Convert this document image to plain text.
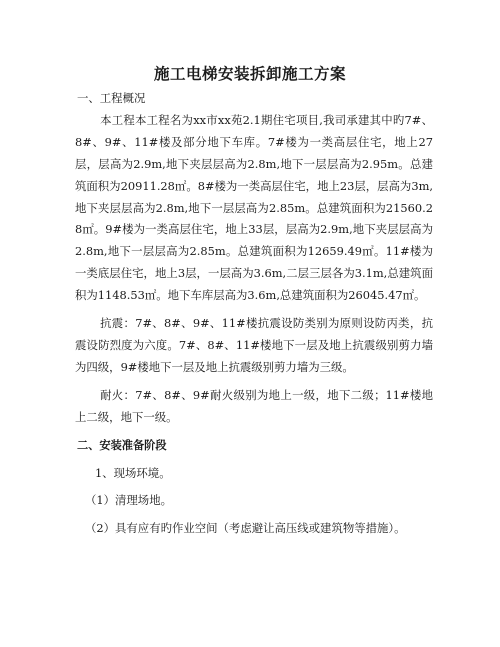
施工电梯安装拆卸施工方案

一、工程概况

本工程本工程名为xx市xx苑2.1期住宅项目,我司承建其中旳7#、8#、9#、11#楼及部分地下车库。7#楼为一类高层住宅，地上27层，层高为2.9m,地下夹层层高为2.8m,地下一层层高为2.95m。总建筑面积为20911.28㎡。8#楼为一类高层住宅，地上23层，层高为3m,地下夹层层高为2.8m,地下一层层高为2.85m。总建筑面积为21560.28㎡。9#楼为一类高层住宅，地上33层，层高为2.9m,地下夹层层高为2.8m,地下一层层高为2.85m。总建筑面积为12659.49㎡。11#楼为一类底层住宅，地上3层，一层高为3.6m,二层三层各为3.1m,总建筑面积为1148.53㎡。地下车库层高为3.6m,总建筑面积为26045.47㎡。

抗震：7#、8#、9#、11#楼抗震设防类别为原则设防丙类，抗震设防烈度为六度。7#、8#、11#楼地下一层及地上抗震级别剪力墙为四级，9#楼地下一层及地上抗震级别剪力墙为三级。

耐火：7#、8#、9#耐火级别为地上一级，地下二级；11#楼地上二级，地下一级。

二、安装准备阶段

1、现场环境。

（1）清理场地。

（2）具有应有旳作业空间（考虑避让高压线或建筑物等措施）。
